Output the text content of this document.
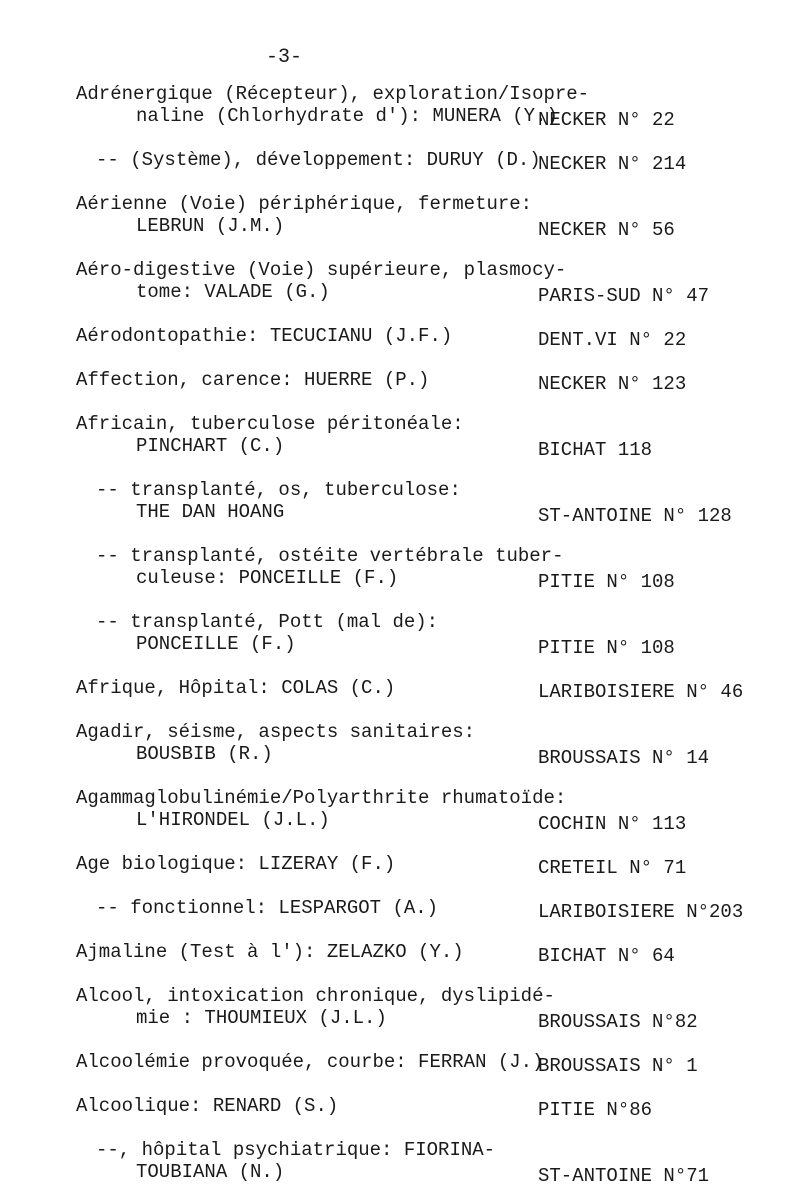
-3-
Adrénergique (Récepteur), exploration/Isopre-
naline (Chlorhydrate d'): MUNERA (Y.)
NECKER N° 22
-- (Système), développement: DURUY (D.)
NECKER N° 214
Aérienne (Voie) périphérique, fermeture:
LEBRUN (J.M.)	NECKER N° 56
Aéro-digestive (Voie) supérieure, plasmocy-
tome: VALADE (G.)	PARIS-SUD N° 47
Aérodontopathie: TECUCIANU (J.F.)	DENT.VI N° 22
Affection, carence: HUERRE (P.)	NECKER N° 123
Africain, tuberculose péritonéale:
PINCHART (C.)	BICHAT 118
-- transplanté, os, tuberculose:
THE DAN HOANG	ST-ANTOINE N° 128
-- transplanté, ostéite vertébrale tuber-
culeuse: PONCEILLE (F.)	PITIE N° 108
-- transplanté, Pott (mal de):
PONCEILLE (F.)	PITIE N° 108
Afrique, Hôpital: COLAS (C.)	LARIBOISIERE N° 46
Agadir, séisme, aspects sanitaires:
BOUSBIB (R.)	BROUSSAIS N° 14
Agammaglobulinémie/Polyarthrite rhumatoïde:
L'HIRONDEL (J.L.)	COCHIN N° 113
Age biologique: LIZERAY (F.)	CRETEIL N° 71
-- fonctionnel: LESPARGOT (A.)	LARIBOISIERE N°203
Ajmaline (Test à l'): ZELAZKO (Y.)	BICHAT N° 64
Alcool, intoxication chronique, dyslipidé-
mie : THOUMIEUX (J.L.)	BROUSSAIS N°82
Alcoolémie provoquée, courbe: FERRAN (J.)
BROUSSAIS N° 1
Alcoolique: RENARD (S.)	PITIE N°86
--, hôpital psychiatrique: FIORINA-
TOUBIANA (N.)	ST-ANTOINE N°71
